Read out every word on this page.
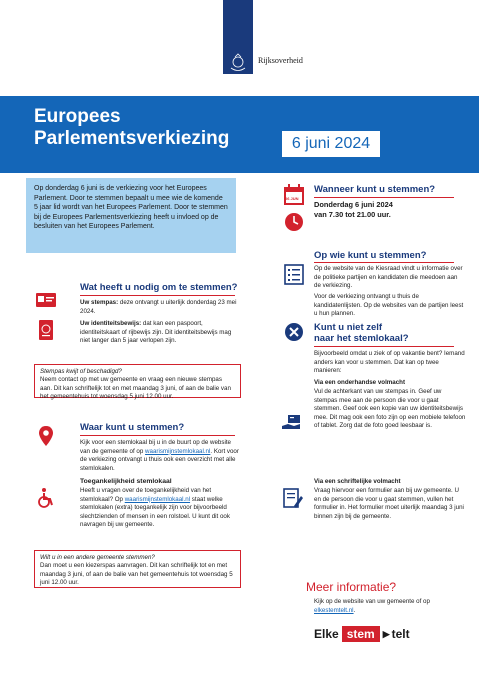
Rijksoverheid
Europees Parlementsverkiezing	6 juni 2024
Op donderdag 6 juni is de verkiezing voor het Europees Parlement. Door te stemmen bepaalt u mee wie de komende 5 jaar lid wordt van het Europees Parlement. Door te stemmen bij de Europees Parlementsverkiezing heeft u invloed op de besluiten van het Europees Parlement.
Wat heeft u nodig om te stemmen?
Uw stempas: deze ontvangt u uiterlijk donderdag 23 mei 2024.
Uw identiteitsbewijs: dat kan een paspoort, identiteitskaart of rijbewijs zijn. Dit identiteitsbewijs mag niet langer dan 5 jaar verlopen zijn.
Stempas kwijt of beschadigd?
Neem contact op met uw gemeente en vraag een nieuwe stempas aan. Dit kan schriftelijk tot en met maandag 3 juni, of aan de balie van het gemeentehuis tot woensdag 5 juni 12.00 uur.
Waar kunt u stemmen?
Kijk voor een stemlokaal bij u in de buurt op de website van de gemeente of op waarismijnstemlokaal.nl. Kort voor de verkiezing ontvangt u thuis ook een overzicht met alle stemlokalen.
Toegankelijkheid stemlokaal
Heeft u vragen over de toegankelijkheid van het stemlokaal? Op waarismijnstemlokaal.nl staat welke stemlokalen (extra) toegankelijk zijn voor bijvoorbeeld slechtzienden of mensen in een rolstoel. U kunt dit ook navragen bij uw gemeente.
Wilt u in een andere gemeente stemmen?
Dan moet u een kiezerspas aanvragen. Dit kan schriftelijk tot en met maandag 3 juni, of aan de balie van het gemeentehuis tot woensdag 5 juni 12.00 uur.
06 JUN
Wanneer kunt u stemmen?
Donderdag 6 juni 2024
van 7.30 tot 21.00 uur.
Op wie kunt u stemmen?
Op de website van de Kiesraad vindt u informatie over de politieke partijen en kandidaten die meedoen aan de verkiezing.
Voor de verkiezing ontvangt u thuis de kandidatenlijsten. Op de websites van de partijen leest u hun plannen.
Kunt u niet zelf
naar het stemlokaal?
Bijvoorbeeld omdat u ziek of op vakantie bent? Iemand anders kan voor u stemmen. Dat kan op twee manieren:
Via een onderhandse volmacht
Vul de achterkant van uw stempas in. Geef uw stempas mee aan de persoon die voor u gaat stemmen. Geef ook een kopie van uw identiteitsbewijs mee. Dit mag ook een foto zijn op een mobiele telefoon of tablet. Zorg dat de foto goed leesbaar is.
Via een schriftelijke volmacht
Vraag hiervoor een formulier aan bij uw gemeente. U en de persoon die voor u gaat stemmen, vullen het formulier in. Het formulier moet uiterlijk maandag 3 juni binnen zijn bij de gemeente.
Meer informatie?
Kijk op de website van uw gemeente of op elkestemtelt.nl.
Elke stem ▶ telt
